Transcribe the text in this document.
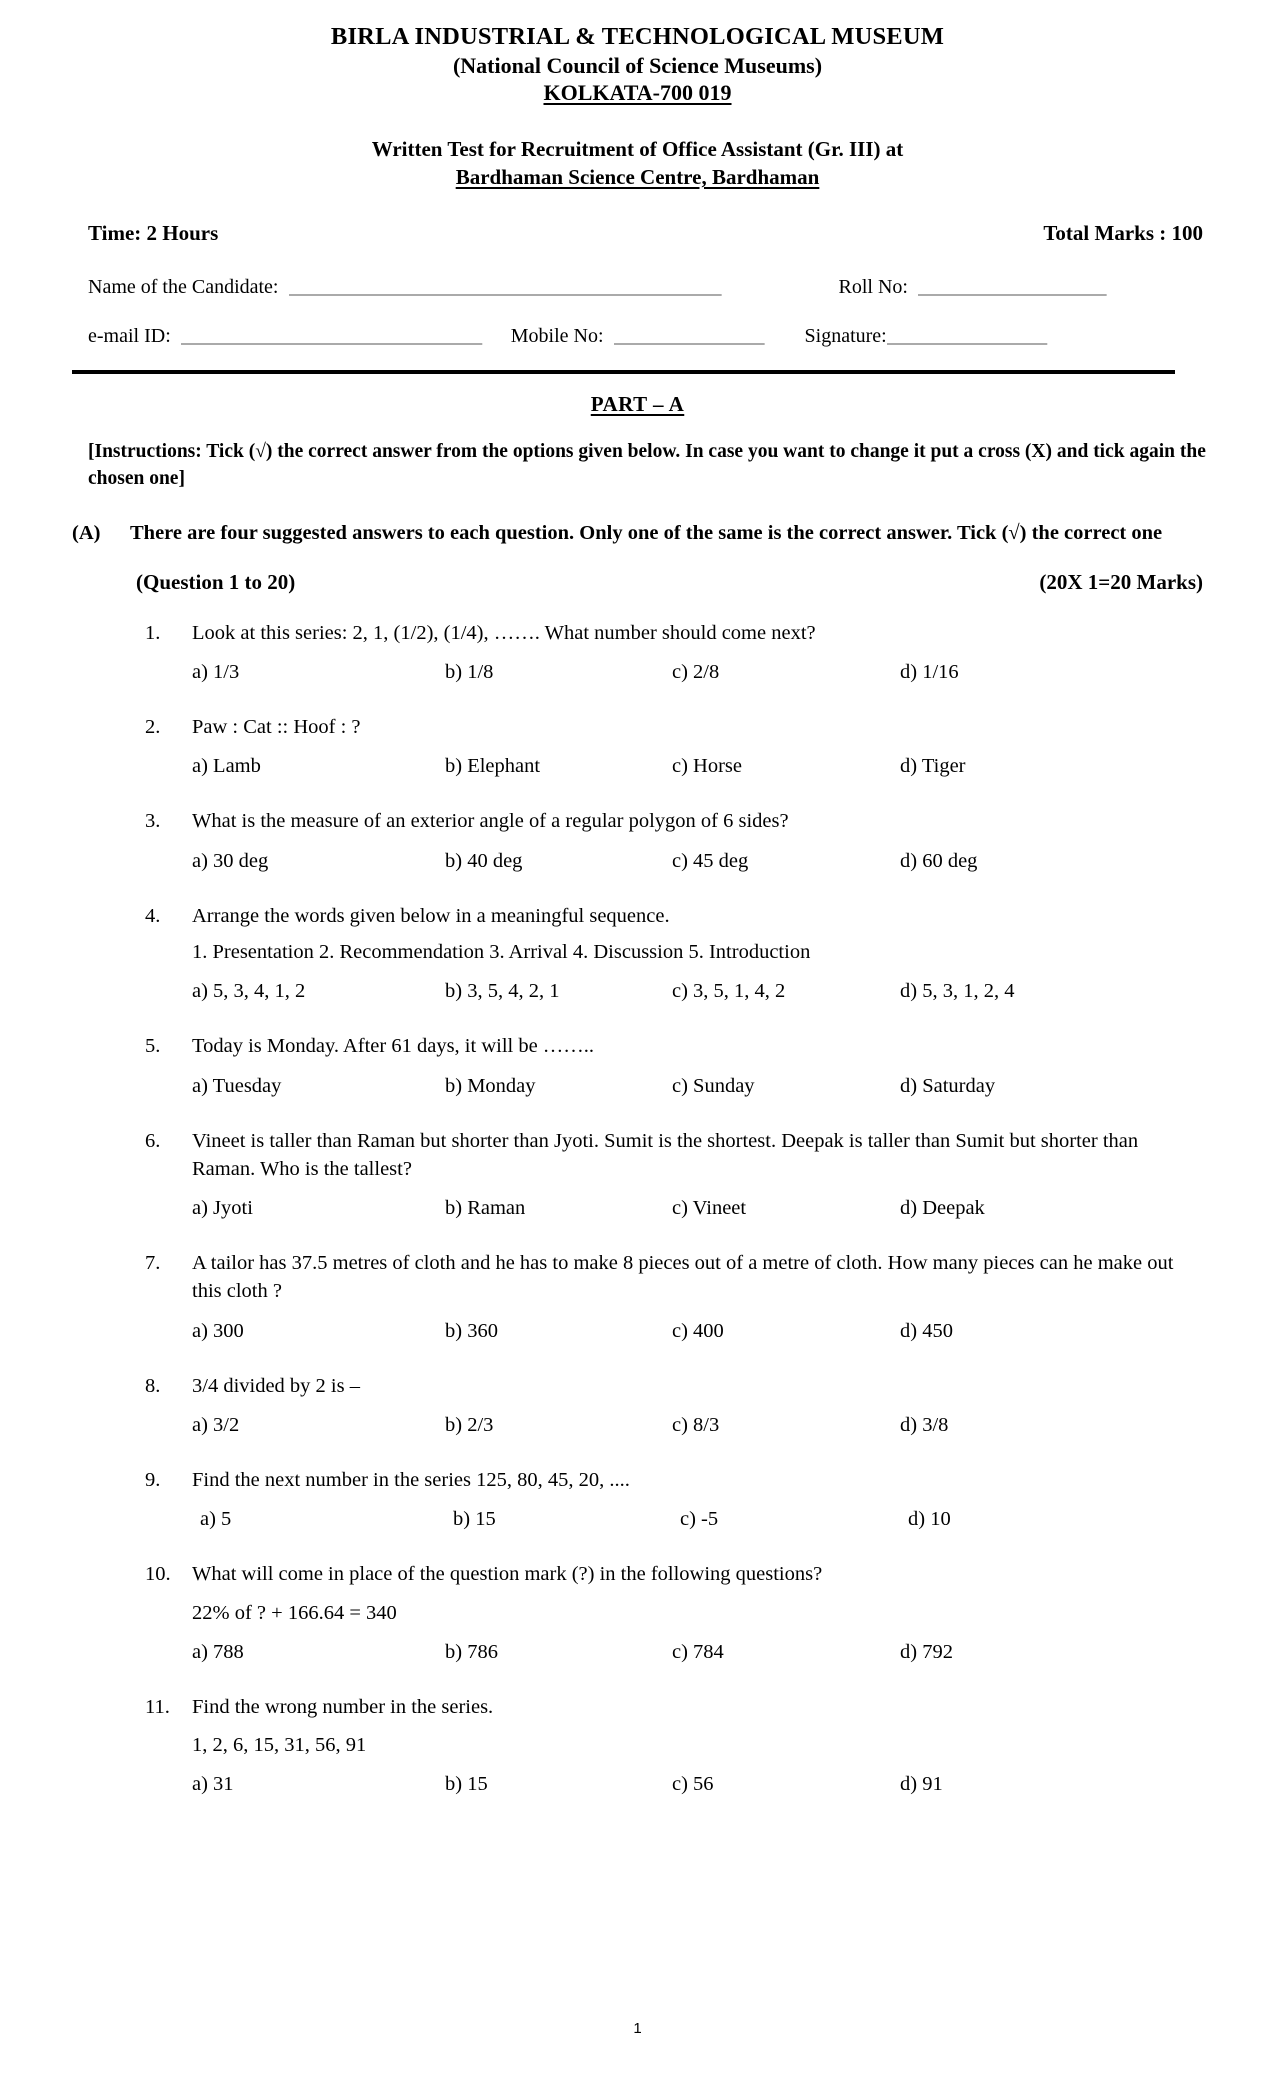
BIRLA INDUSTRIAL & TECHNOLOGICAL MUSEUM
(National Council of Science Museums)
KOLKATA-700 019
Written Test for Recruitment of Office Assistant (Gr. III) at
Bardhaman Science Centre, Bardhaman
Time: 2 Hours	Total Marks : 100
Name of the Candidate: ______________________________________________	Roll No: ____________________
e-mail ID: ________________________________	Mobile No: ________________	Signature: _________________
PART – A
[Instructions: Tick (√) the correct answer from the options given below. In case you want to change it put a cross (X) and tick again the chosen one]
(A)	There are four suggested answers to each question. Only one of the same is the correct answer. Tick (√) the correct one
(Question 1 to 20)	(20X 1=20 Marks)
1.	Look at this series: 2, 1, (1/2), (1/4), ……. What number should come next?
a) 1/3	b) 1/8	c) 2/8	d) 1/16
2.	Paw : Cat :: Hoof : ?
a) Lamb	b) Elephant	c) Horse	d) Tiger
3.	What is the measure of an exterior angle of a regular polygon of 6 sides?
a) 30 deg	b) 40 deg	c) 45 deg	d) 60 deg
4.	Arrange the words given below in a meaningful sequence.
1. Presentation 2. Recommendation 3. Arrival 4. Discussion 5. Introduction
a) 5, 3, 4, 1, 2	b) 3, 5, 4, 2, 1	c) 3, 5, 1, 4, 2	d) 5, 3, 1, 2, 4
5.	Today is Monday. After 61 days, it will be ……..
a) Tuesday	b) Monday	c) Sunday	d) Saturday
6.	Vineet is taller than Raman but shorter than Jyoti. Sumit is the shortest. Deepak is taller than Sumit but shorter than Raman. Who is the tallest?
a) Jyoti	b) Raman	c) Vineet	d) Deepak
7.	A tailor has 37.5 metres of cloth and he has to make 8 pieces out of a metre of cloth. How many pieces can he make out this cloth ?
a) 300	b) 360	c) 400	d) 450
8.	3/4 divided by 2 is –
a) 3/2	b) 2/3	c) 8/3	d) 3/8
9.	Find the next number in the series 125, 80, 45, 20, ....
a) 5	b) 15	c) -5	d) 10
10.	What will come in place of the question mark (?) in the following questions?
22% of ? + 166.64 = 340
a) 788	b) 786	c) 784	d) 792
11.	Find the wrong number in the series.
1, 2, 6, 15, 31, 56, 91
a) 31	b) 15	c) 56	d) 91
1
